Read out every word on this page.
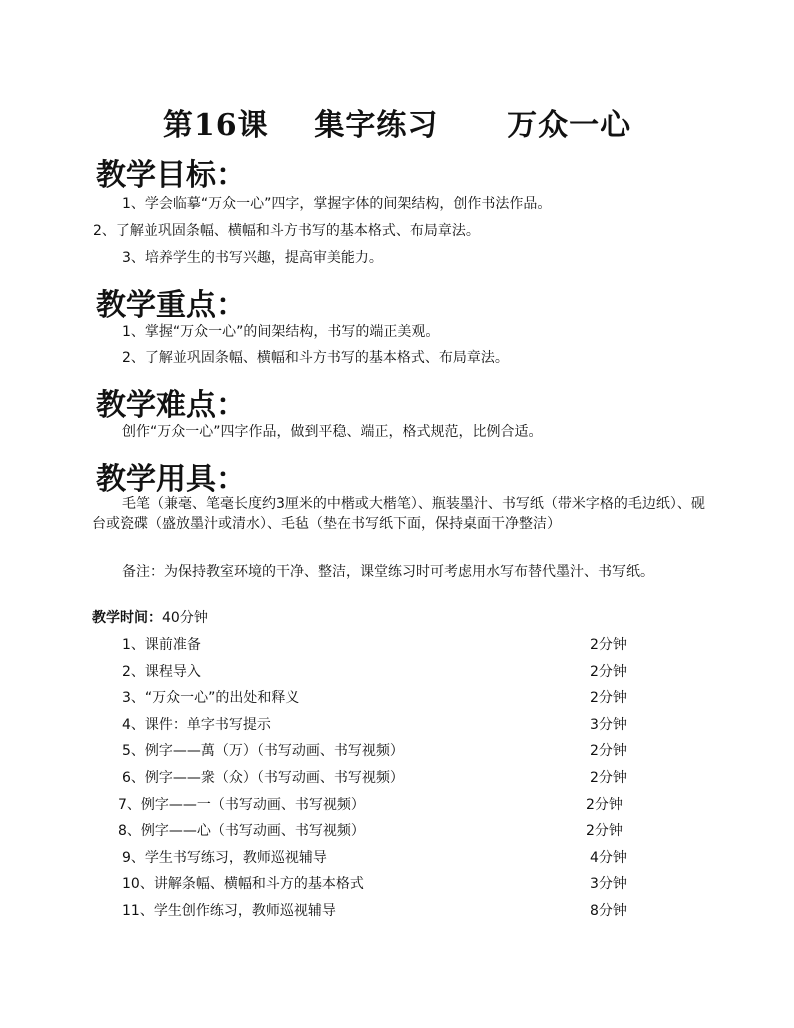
第16课    集字练习      万众一心
教学目标：
1、学会临摹“万众一心”四字，掌握字体的间架结构，创作书法作品。
2、了解並巩固条幅、横幅和斗方书写的基本格式、布局章法。
3、培养学生的书写兴趣，提高审美能力。
教学重点：
1、掌握“万众一心”的间架结构，书写的端正美观。
2、了解並巩固条幅、横幅和斗方书写的基本格式、布局章法。
教学难点：
创作“万众一心”四字作品，做到平稳、端正，格式规范，比例合适。
教学用具：
毛笔（兼毫、笔毫长度约3厘米的中楷或大楷笔）、瓶装墨汁、书写纸（带米字格的毛边纸）、砚台或瓷碟（盛放墨汁或清水）、毛毡（垫在书写纸下面，保持桌面干净整洁）
备注：为保持教室环境的干净、整洁，课堂练习时可考虑用水写布替代墨汁、书写纸。
教学时间：40分钟
1、课前准备	2分钟
2、课程导入	2分钟
3、“万众一心”的出处和释义	2分钟
4、课件：单字书写提示	3分钟
5、例字——萬（万）（书写动画、书写视频）	2分钟
6、例字——衆（众）（书写动画、书写视频）	2分钟
7、例字——一（书写动画、书写视频）	2分钟
8、例字——心（书写动画、书写视频）	2分钟
9、学生书写练习，教师巡视辅导	4分钟
10、讲解条幅、横幅和斗方的基本格式	3分钟
11、学生创作练习，教师巡视辅导	8分钟
